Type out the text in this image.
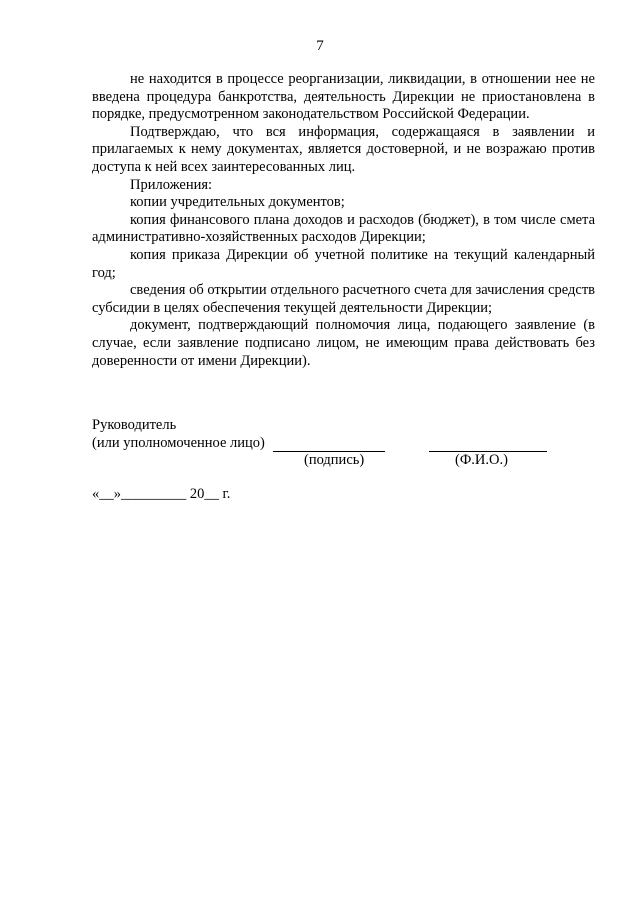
7

не находится в процессе реорганизации, ликвидации, в отношении нее не введена процедура банкротства, деятельность Дирекции не приостановлена в порядке, предусмотренном законодательством Российской Федерации.

Подтверждаю, что вся информация, содержащаяся в заявлении и прилагаемых к нему документах, является достоверной, и не возражаю против доступа к ней всех заинтересованных лиц.

Приложения:

копии учредительных документов;

копия финансового плана доходов и расходов (бюджет), в том числе смета административно-хозяйственных расходов Дирекции;

копия приказа Дирекции об учетной политике на текущий календарный год;

сведения об открытии отдельного расчетного счета для зачисления средств субсидии в целях обеспечения текущей деятельности Дирекции;

документ, подтверждающий полномочия лица, подающего заявление (в случае, если заявление подписано лицом, не имеющим права действовать без доверенности от имени Дирекции).

Руководитель
(или уполномоченное лицо)
(подпись)	(Ф.И.О.)
«__»_________ 20__ г.
